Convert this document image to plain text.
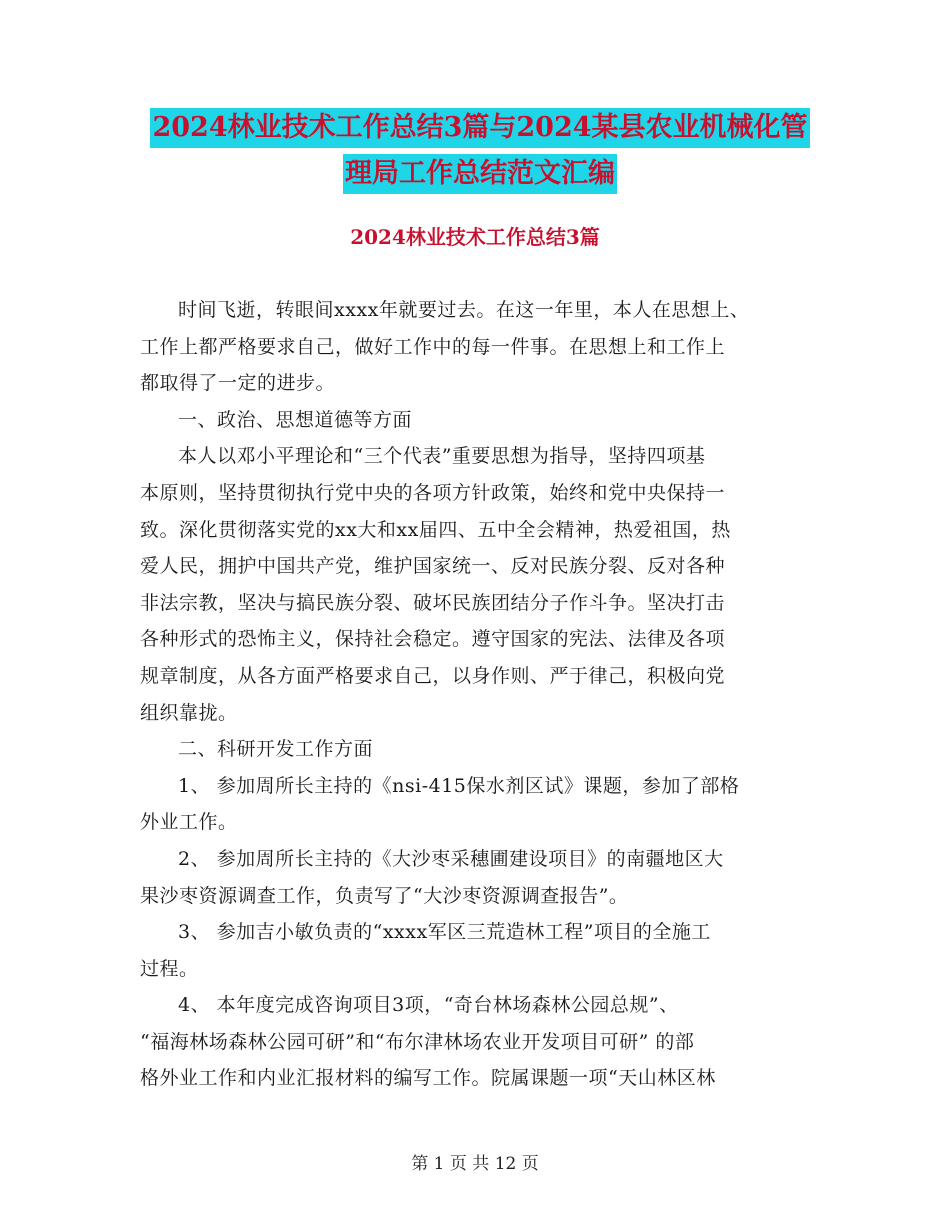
2024林业技术工作总结3篇与2024某县农业机械化管
理局工作总结范文汇编
2024林业技术工作总结3篇

时间飞逝，转眼间xxxx年就要过去。在这一年里，本人在思想上、
工作上都严格要求自己，做好工作中的每一件事。在思想上和工作上
都取得了一定的进步。

一、政治、思想道德等方面

本人以邓小平理论和“三个代表”重要思想为指导，坚持四项基
本原则，坚持贯彻执行党中央的各项方针政策，始终和党中央保持一
致。深化贯彻落实党的xx大和xx届四、五中全会精神，热爱祖国，热
爱人民，拥护中国共产党，维护国家统一、反对民族分裂、反对各种
非法宗教，坚决与搞民族分裂、破坏民族团结分子作斗争。坚决打击
各种形式的恐怖主义，保持社会稳定。遵守国家的宪法、法律及各项
规章制度，从各方面严格要求自己，以身作则、严于律己，积极向党
组织靠拢。

二、科研开发工作方面

1、 参加周所长主持的《nsi-415保水剂区试》课题，参加了部格
外业工作。

2、 参加周所长主持的《大沙枣采穗圃建设项目》的南疆地区大
果沙枣资源调查工作，负责写了“大沙枣资源调查报告”。

3、 参加吉小敏负责的“xxxx军区三荒造林工程”项目的全施工
过程。

4、 本年度完成咨询项目3项，“奇台林场森林公园总规”、
“福海林场森林公园可研”和“布尔津林场农业开发项目可研” 的部
格外业工作和内业汇报材料的编写工作。院属课题一项“天山林区林

第 1 页 共 12 页
